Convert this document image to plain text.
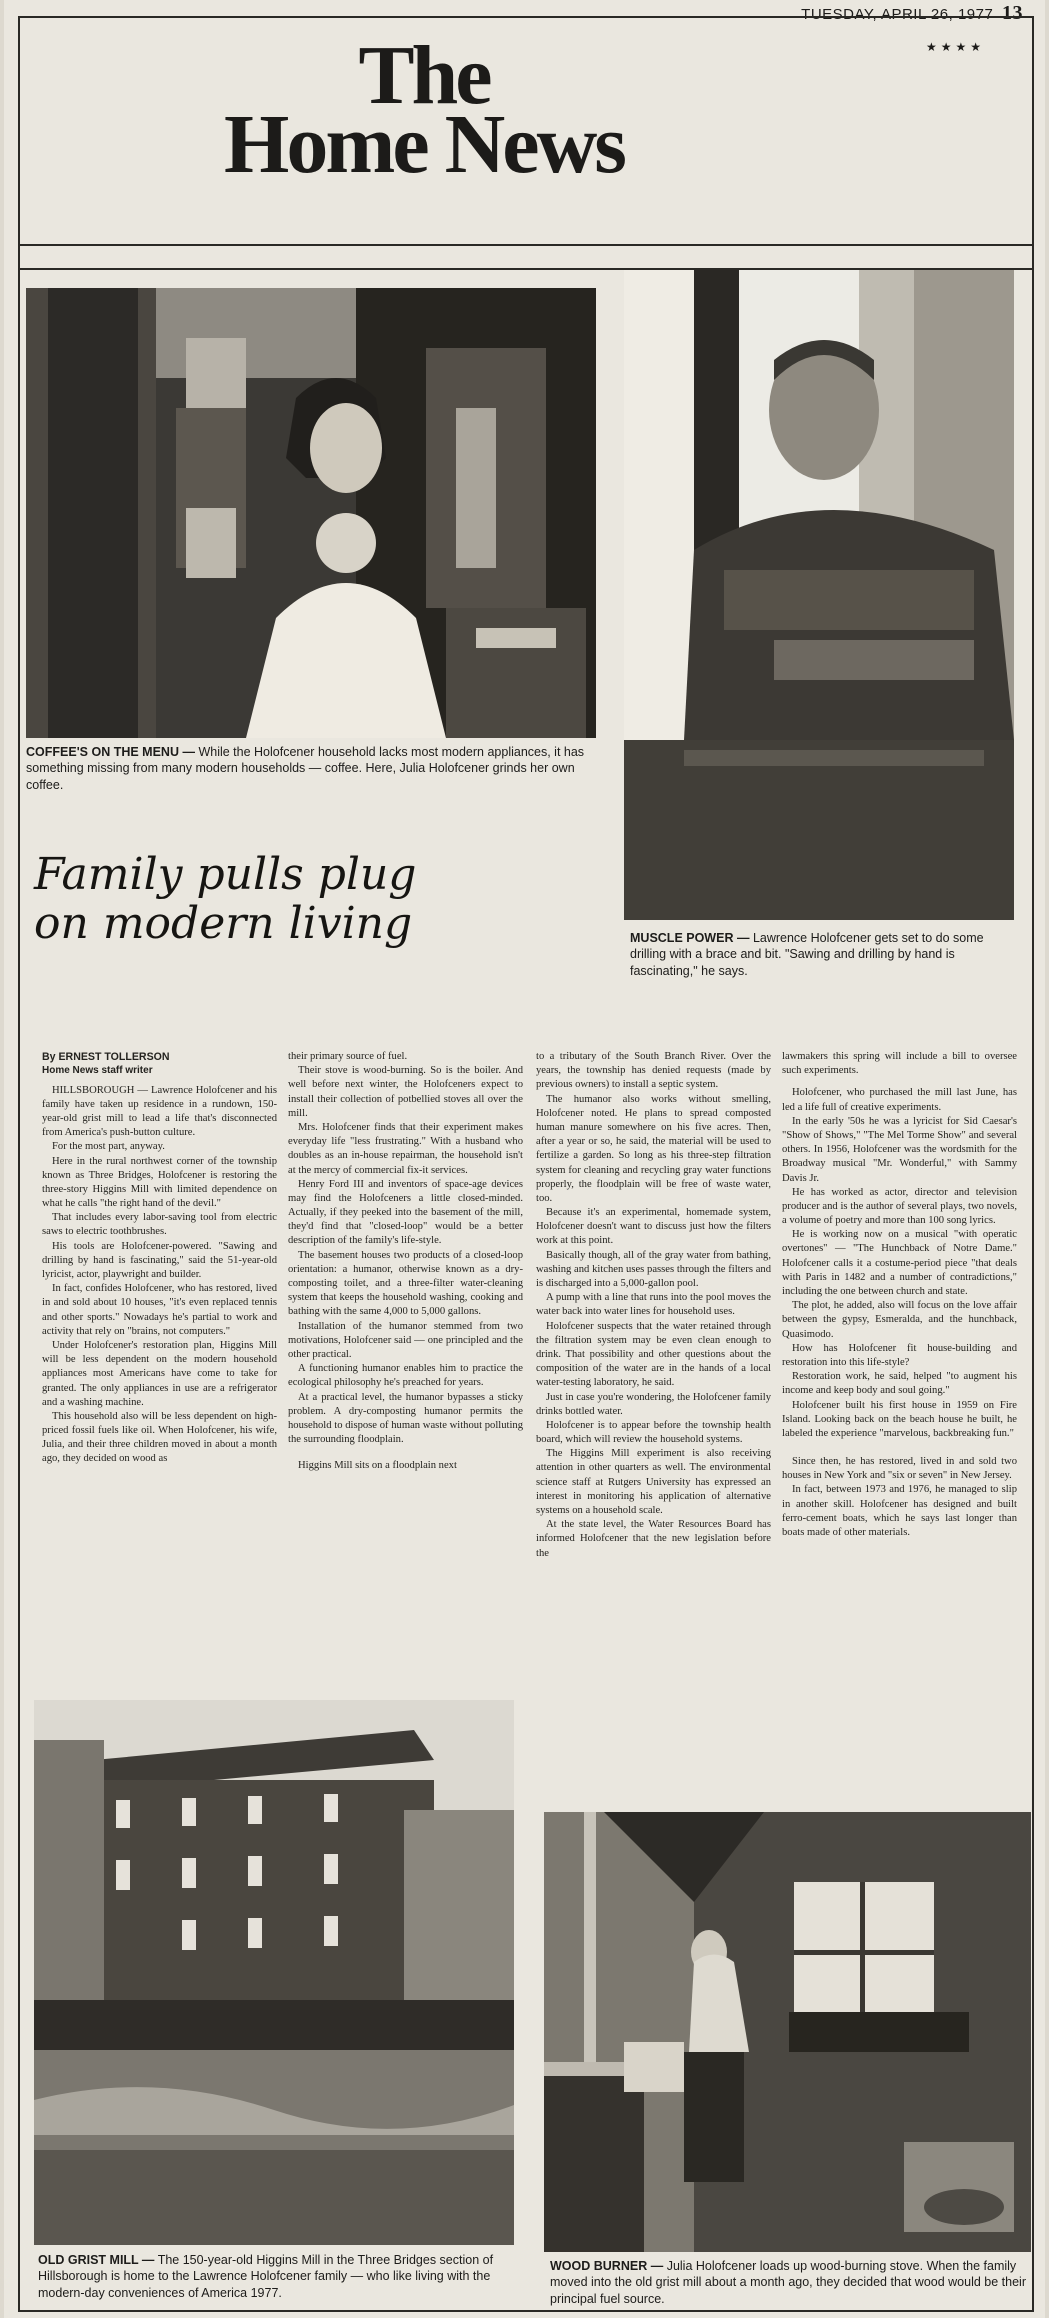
TUESDAY, APRIL 26, 1977 13
★★★★
The
Home News
COFFEE'S ON THE MENU — While the Holofcener household lacks most modern appliances, it has something missing from many modern households — coffee. Here, Julia Holofcener grinds her own coffee.
MUSCLE POWER — Lawrence Holofcener gets set to do some drilling with a brace and bit. "Sawing and drilling by hand is fascinating," he says.
Family pulls plug
on modern living

By ERNEST TOLLERSON

Home News staff writer

HILLSBOROUGH — Lawrence Holofcener and his family have taken up residence in a rundown, 150-year-old grist mill to lead a life that's disconnected from America's push-button culture.

For the most part, anyway.

Here in the rural northwest corner of the township known as Three Bridges, Holofcener is restoring the three-story Higgins Mill with limited dependence on what he calls "the right hand of the devil."

That includes every labor-saving tool from electric saws to electric toothbrushes.

His tools are Holofcener-powered. "Sawing and drilling by hand is fascinating," said the 51-year-old lyricist, actor, playwright and builder.

In fact, confides Holofcener, who has restored, lived in and sold about 10 houses, "it's even replaced tennis and other sports." Nowadays he's partial to work and activity that rely on "brains, not computers."

Under Holofcener's restoration plan, Higgins Mill will be less dependent on the modern household appliances most Americans have come to take for granted. The only appliances in use are a refrigerator and a washing machine.

This household also will be less dependent on high-priced fossil fuels like oil. When Holofcener, his wife, Julia, and their three children moved in about a month ago, they decided on wood as

their primary source of fuel.

Their stove is wood-burning. So is the boiler. And well before next winter, the Holofceners expect to install their collection of potbellied stoves all over the mill.

Mrs. Holofcener finds that their experiment makes everyday life "less frustrating." With a husband who doubles as an in-house repairman, the household isn't at the mercy of commercial fix-it services.

Henry Ford III and inventors of space-age devices may find the Holofceners a little closed-minded. Actually, if they peeked into the basement of the mill, they'd find that "closed-loop" would be a better description of the family's life-style.

The basement houses two products of a closed-loop orientation: a humanor, otherwise known as a dry-composting toilet, and a three-filter water-cleaning system that keeps the household washing, cooking and bathing with the same 4,000 to 5,000 gallons.

Installation of the humanor stemmed from two motivations, Holofcener said — one principled and the other practical.

A functioning humanor enables him to practice the ecological philosophy he's preached for years.

At a practical level, the humanor bypasses a sticky problem. A dry-composting humanor permits the household to dispose of human waste without polluting the surrounding floodplain.

Higgins Mill sits on a floodplain next

to a tributary of the South Branch River. Over the years, the township has denied requests (made by previous owners) to install a septic system.

The humanor also works without smelling, Holofcener noted. He plans to spread composted human manure somewhere on his five acres. Then, after a year or so, he said, the material will be used to fertilize a garden. So long as his three-step filtration system for cleaning and recycling gray water functions properly, the floodplain will be free of waste water, too.

Because it's an experimental, homemade system, Holofcener doesn't want to discuss just how the filters work at this point.

Basically though, all of the gray water from bathing, washing and kitchen uses passes through the filters and is discharged into a 5,000-gallon pool.

A pump with a line that runs into the pool moves the water back into water lines for household uses.

Holofcener suspects that the water retained through the filtration system may be even clean enough to drink. That possibility and other questions about the composition of the water are in the hands of a local water-testing laboratory, he said.

Just in case you're wondering, the Holofcener family drinks bottled water.

Holofcener is to appear before the township health board, which will review the household systems.

The Higgins Mill experiment is also receiving attention in other quarters as well. The environmental science staff at Rutgers University has expressed an interest in monitoring his application of alternative systems on a household scale.

At the state level, the Water Resources Board has informed Holofcener that the new legislation before the

lawmakers this spring will include a bill to oversee such experiments.

Holofcener, who purchased the mill last June, has led a life full of creative experiments.

In the early '50s he was a lyricist for Sid Caesar's "Show of Shows," "The Mel Torme Show" and several others. In 1956, Holofcener was the wordsmith for the Broadway musical "Mr. Wonderful," with Sammy Davis Jr.

He has worked as actor, director and television producer and is the author of several plays, two novels, a volume of poetry and more than 100 song lyrics.

He is working now on a musical "with operatic overtones" — "The Hunchback of Notre Dame." Holofcener calls it a costume-period piece "that deals with Paris in 1482 and a number of contradictions," including the one between church and state.

The plot, he added, also will focus on the love affair between the gypsy, Esmeralda, and the hunchback, Quasimodo.

How has Holofcener fit house-building and restoration into this life-style?

Restoration work, he said, helped "to augment his income and keep body and soul going."

Holofcener built his first house in 1959 on Fire Island. Looking back on the beach house he built, he labeled the experience "marvelous, backbreaking fun."

Since then, he has restored, lived in and sold two houses in New York and "six or seven" in New Jersey.

In fact, between 1973 and 1976, he managed to slip in another skill. Holofcener has designed and built ferro-cement boats, which he says last longer than boats made of other materials.

OLD GRIST MILL — The 150-year-old Higgins Mill in the Three Bridges section of Hillsborough is home to the Lawrence Holofcener family — who like living with the modern-day conveniences of America 1977.
WOOD BURNER — Julia Holofcener loads up wood-burning stove. When the family moved into the old grist mill about a month ago, they decided that wood would be their principal fuel source.
